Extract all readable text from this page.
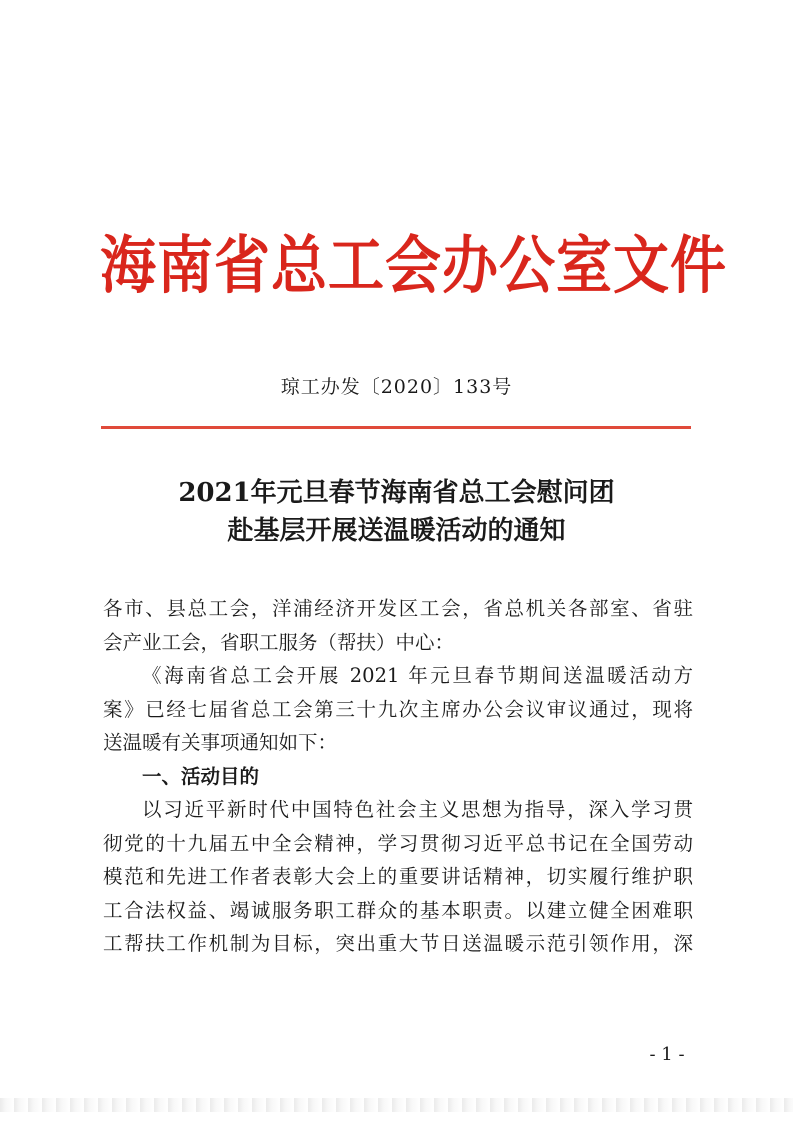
海南省总工会办公室文件
琼工办发〔2020〕133号
2021年元旦春节海南省总工会慰问团
赴基层开展送温暖活动的通知

各市、县总工会，洋浦经济开发区工会，省总机关各部室、省驻

会产业工会，省职工服务（帮扶）中心：

《海南省总工会开展 2021 年元旦春节期间送温暖活动方

案》已经七届省总工会第三十九次主席办公会议审议通过，现将

送温暖有关事项通知如下：

一、活动目的

以习近平新时代中国特色社会主义思想为指导，深入学习贯

彻党的十九届五中全会精神，学习贯彻习近平总书记在全国劳动

模范和先进工作者表彰大会上的重要讲话精神，切实履行维护职

工合法权益、竭诚服务职工群众的基本职责。以建立健全困难职

工帮扶工作机制为目标，突出重大节日送温暖示范引领作用，深

- 1 -
